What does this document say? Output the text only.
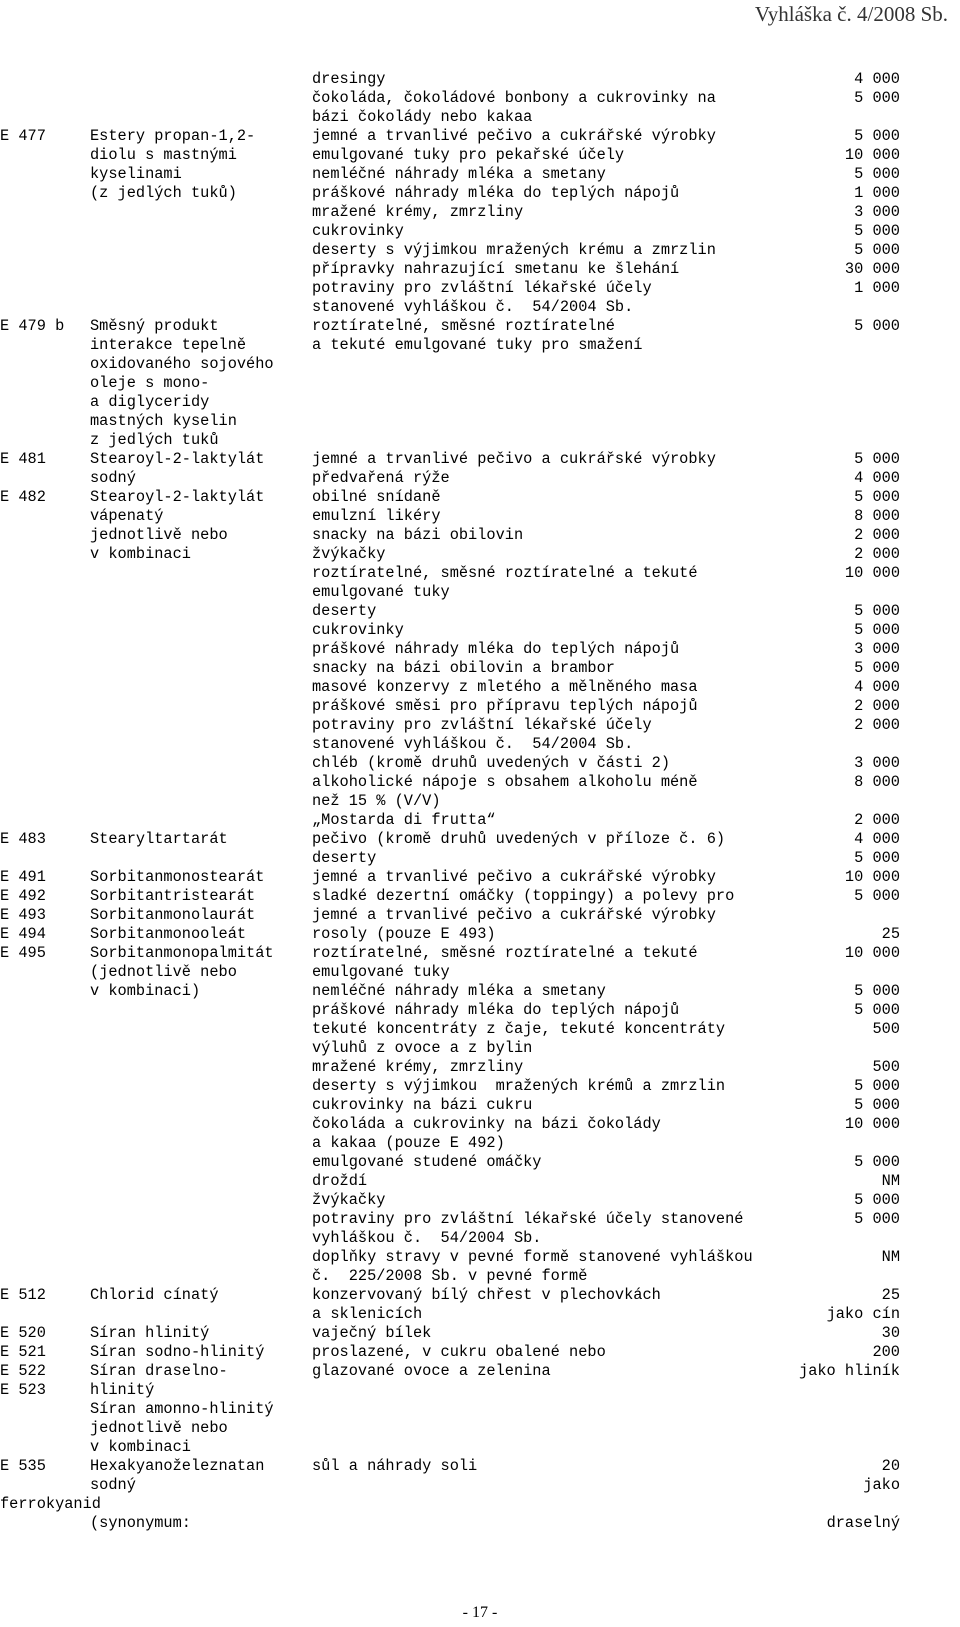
Vyhláška č. 4/2008 Sb.
dresingy	4 000
čokoláda, čokoládové bonbony a cukrovinky na	5 000
bázi čokolády nebo kakaa
E 477	Estery propan-1,2-	jemné a trvanlivé pečivo a cukrářské výrobky	5 000
diolu s mastnými	emulgované tuky pro pekařské účely	10 000
kyselinami	nemléčné náhrady mléka a smetany	5 000
(z jedlých tuků)	práškové náhrady mléka do teplých nápojů	1 000
mražené krémy, zmrzliny	3 000
cukrovinky	5 000
deserty s výjimkou mražených krému a zmrzlin	5 000
přípravky nahrazující smetanu ke šlehání	30 000
potraviny pro zvláštní lékařské účely	1 000
stanovené vyhláškou č.  54/2004 Sb.
E 479 b Směsný produkt	roztíratelné, směsné roztíratelné	5 000
interakce tepelně	a tekuté emulgované tuky pro smažení
oxidovaného sojového
oleje s mono-
a diglyceridy
mastných kyselin
z jedlých tuků
E 481	Stearoyl-2-laktylát	jemné a trvanlivé pečivo a cukrářské výrobky	5 000
sodný	předvařená rýže	4 000
E 482	Stearoyl-2-laktylát	obilné snídaně	5 000
vápenatý	emulzní likéry	8 000
jednotlivě nebo	snacky na bázi obilovin	2 000
v kombinaci	žvýkačky	2 000
roztíratelné, směsné roztíratelné a tekuté	10 000
emulgované tuky
deserty	5 000
cukrovinky	5 000
práškové náhrady mléka do teplých nápojů	3 000
snacky na bázi obilovin a brambor	5 000
masové konzervy z mletého a mělněného masa	4 000
práškové směsi pro přípravu teplých nápojů	2 000
potraviny pro zvláštní lékařské účely	2 000
stanovené vyhláškou č.  54/2004 Sb.
chléb (kromě druhů uvedených v části 2)	3 000
alkoholické nápoje s obsahem alkoholu méně	8 000
než 15 % (V/V)
„Mostarda di frutta“	2 000
E 483	Stearyltartarát	pečivo (kromě druhů uvedených v příloze č. 6)	4 000
deserty	5 000
E 491	Sorbitanmonostearát	jemné a trvanlivé pečivo a cukrářské výrobky	10 000
E 492	Sorbitantristearát	sladké dezertní omáčky (toppingy) a polevy pro	5 000
E 493	Sorbitanmonolaurát	jemné a trvanlivé pečivo a cukrářské výrobky
E 494	Sorbitanmonooleát	rosoly (pouze E 493)	25
E 495	Sorbitanmonopalmitát	roztíratelné, směsné roztíratelné a tekuté	10 000
(jednotlivě nebo	emulgované tuky
v kombinaci)	nemléčné náhrady mléka a smetany	5 000
práškové náhrady mléka do teplých nápojů	5 000
tekuté koncentráty z čaje, tekuté koncentráty	500
výluhů z ovoce a z bylin
mražené krémy, zmrzliny	500
deserty s výjimkou  mražených krémů a zmrzlin	5 000
cukrovinky na bázi cukru	5 000
čokoláda a cukrovinky na bázi čokolády	10 000
a kakaa (pouze E 492)
emulgované studené omáčky	5 000
droždí	NM
žvýkačky	5 000
potraviny pro zvláštní lékařské účely stanovené	5 000
vyhláškou č.  54/2004 Sb.
doplňky stravy v pevné formě stanovené vyhláškou	NM
č.  225/2008 Sb. v pevné formě
E 512	Chlorid cínatý	konzervovaný bílý chřest v plechovkách	25
a sklenicích	jako cín
E 520	Síran hlinitý	vaječný bílek	30
E 521	Síran sodno-hlinitý	proslazené, v cukru obalené nebo	200
E 522	Síran draselno-	glazované ovoce a zelenina	jako hliník
E 523	hlinitý
Síran amonno-hlinitý
jednotlivě nebo
v kombinaci
E 535	Hexakyanoželeznatan	sůl a náhrady soli	20
sodný	jako
ferrokyanid
(synonymum:	draselný
- 17 -
